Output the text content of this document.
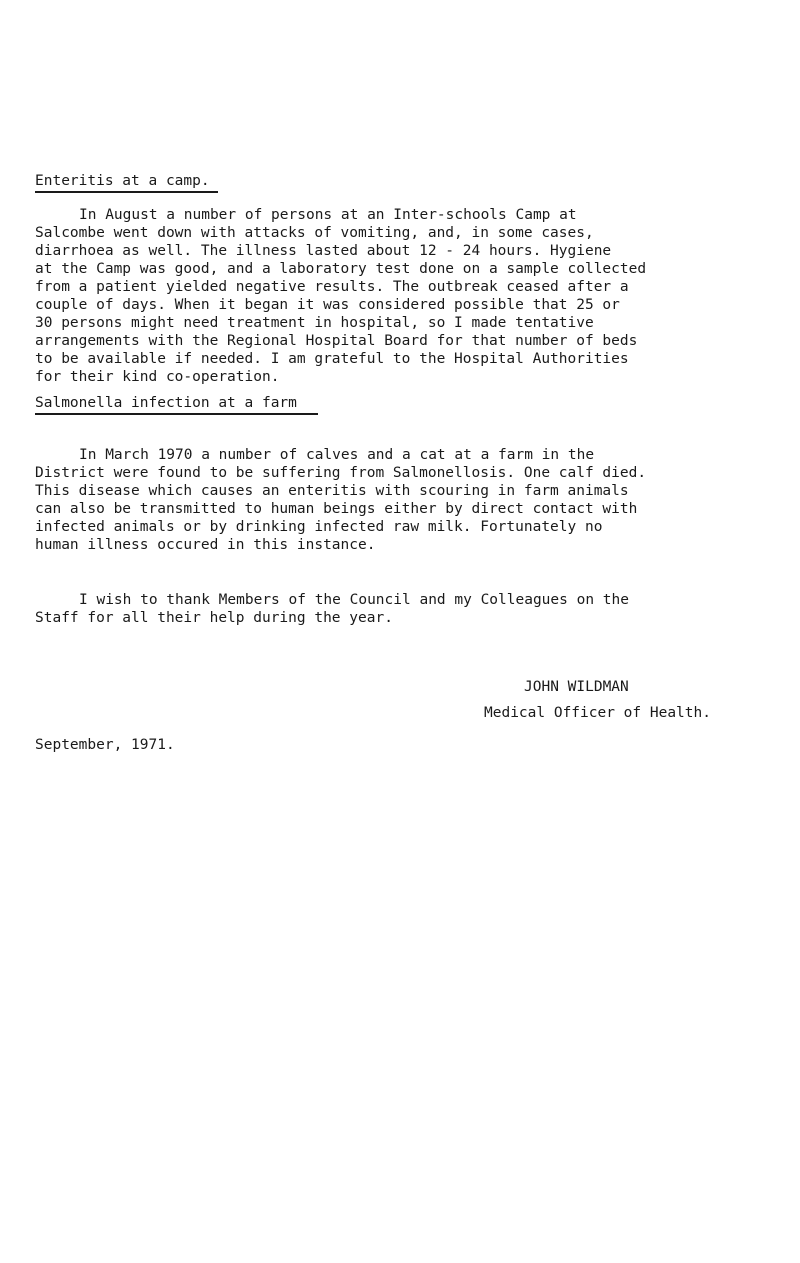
Enteritis at a camp.

In August a number of persons at an Inter-schools Camp at

Salcombe went down with attacks of vomiting, and, in some cases,

diarrhoea as well. The illness lasted about 12 - 24 hours. Hygiene

at the Camp was good, and a laboratory test done on a sample collected

from a patient yielded negative results. The outbreak ceased after a

couple of days. When it began it was considered possible that 25 or

30 persons might need treatment in hospital, so I made tentative

arrangements with the Regional Hospital Board for that number of beds

to be available if needed. I am grateful to the Hospital Authorities

for their kind co-operation.

Salmonella infection at a farm

In March 1970 a number of calves and a cat at a farm in the

District were found to be suffering from Salmonellosis. One calf died.

This disease which causes an enteritis with scouring in farm animals

can also be transmitted to human beings either by direct contact with

infected animals or by drinking infected raw milk. Fortunately no

human illness occured in this instance.

I wish to thank Members of the Council and my Colleagues on the

Staff for all their help during the year.

JOHN WILDMAN

Medical Officer of Health.

September, 1971.
